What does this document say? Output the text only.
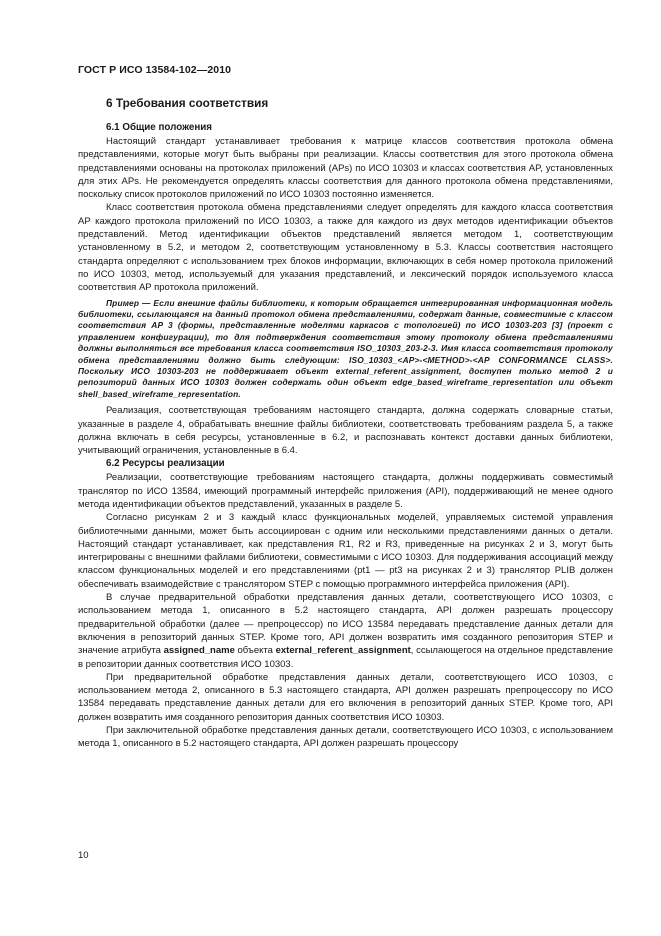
ГОСТ Р ИСО 13584-102—2010
6 Требования соответствия
6.1 Общие положения

Настоящий стандарт устанавливает требования к матрице классов соответствия протокола обмена представлениями, которые могут быть выбраны при реализации. Классы соответствия для этого протокола обмена представлениями основаны на протоколах приложений (APs) по ИСО 10303 и классах соответствия AP, установленных для этих APs. Не рекомендуется определять классы соответствия для данного протокола обмена представлениями, поскольку список протоколов приложений по ИСО 10303 постоянно изменяется.

Класс соответствия протокола обмена представлениями следует определять для каждого класса соответствия AP каждого протокола приложений по ИСО 10303, а также для каждого из двух методов идентификации объектов представлений. Метод идентификации объектов представлений является методом 1, соответствующим установленному в 5.2, и методом 2, соответствующим установленному в 5.3. Классы соответствия настоящего стандарта определяют с использованием трех блоков информации, включающих в себя номер протокола приложений по ИСО 10303, метод, используемый для указания представлений, и лексический порядок используемого класса соответствия AP протокола приложений.

Пример — Если внешние файлы библиотеки, к которым обращается интегрированная информационная модель библиотеки, ссылающаяся на данный протокол обмена представлениями, содержат данные, совместимые с классом соответствия AP 3 (формы, представленные моделями каркасов с топологией) по ИСО 10303-203 [3] (проект с управлением конфигурации), то для подтверждения соответствия этому протоколу обмена представлениями должны выполняться все требования класса соответствия ISO_10303_203-2-3. Имя класса соответствия протоколу обмена представлениями должно быть следующим: ISO_10303_<AP>-<METHOD>-<AP CONFORMANCE CLASS>. Поскольку ИСО 10303-203 не поддерживает объект external_referent_assignment, доступен только метод 2 и репозиторий данных ИСО 10303 должен содержать один объект edge_based_wireframe_representation или объект shell_based_wireframe_representation.

Реализация, соответствующая требованиям настоящего стандарта, должна содержать словарные статьи, указанные в разделе 4, обрабатывать внешние файлы библиотеки, соответствовать требованиям раздела 5, а также должна включать в себя ресурсы, установленные в 6.2, и распознавать контекст доставки данных библиотеки, учитывающий ограничения, установленные в 6.4.

6.2 Ресурсы реализации

Реализации, соответствующие требованиям настоящего стандарта, должны поддерживать совместимый транслятор по ИСО 13584, имеющий программный интерфейс приложения (API), поддерживающий не менее одного метода идентификации объектов представлений, указанных в разделе 5.

Согласно рисункам 2 и 3 каждый класс функциональных моделей, управляемых системой управления библиотечными данными, может быть ассоциирован с одним или несколькими представлениями данных о детали. Настоящий стандарт устанавливает, как представления R1, R2 и R3, приведенные на рисунках 2 и 3, могут быть интегрированы с внешними файлами библиотеки, совместимыми с ИСО 10303. Для поддерживания ассоциаций между классом функциональных моделей и его представлениями (pt1 — pt3 на рисунках 2 и 3) транслятор PLIB должен обеспечивать взаимодействие с транслятором STEP с помощью программного интерфейса приложения (API).

В случае предварительной обработки представления данных детали, соответствующего ИСО 10303, с использованием метода 1, описанного в 5.2 настоящего стандарта, API должен разрешать процессору предварительной обработки (далее — препроцессор) по ИСО 13584 передавать представление данных детали для включения в репозиторий данных STEP. Кроме того, API должен возвратить имя созданного репозитория STEP и значение атрибута assigned_name объекта external_referent_assignment, ссылающегося на отдельное представление в репозитории данных соответствия ИСО 10303.

При предварительной обработке представления данных детали, соответствующего ИСО 10303, с использованием метода 2, описанного в 5.3 настоящего стандарта, API должен разрешать препроцессору по ИСО 13584 передавать представление данных детали для его включения в репозиторий данных STEP. Кроме того, API должен возвратить имя созданного репозитория данных соответствия ИСО 10303.

При заключительной обработке представления данных детали, соответствующего ИСО 10303, с использованием метода 1, описанного в 5.2 настоящего стандарта, API должен разрешать процессору

10
